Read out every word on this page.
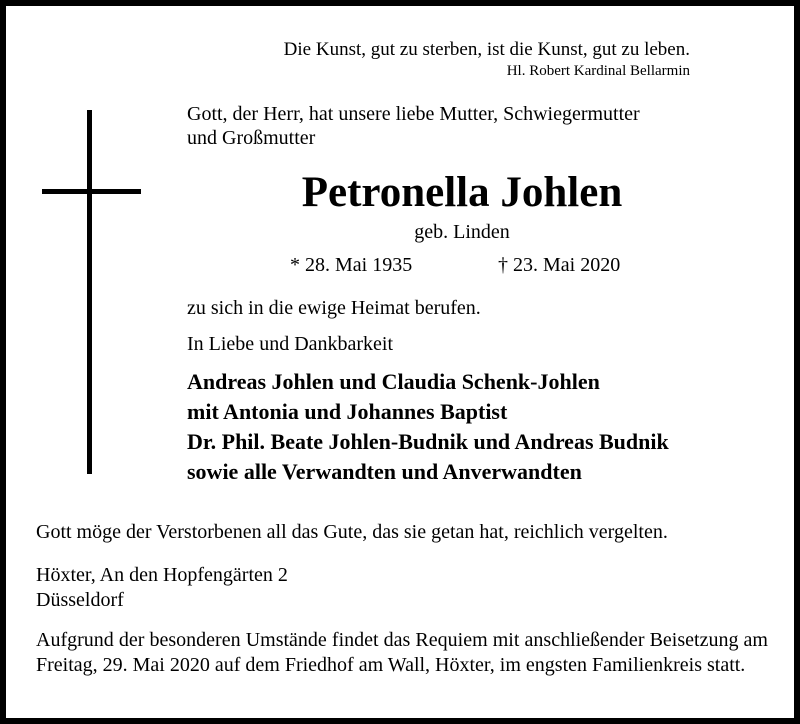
Die Kunst, gut zu sterben, ist die Kunst, gut zu leben.
Hl. Robert Kardinal Bellarmin
Gott, der Herr, hat unsere liebe Mutter, Schwiegermutter
und Großmutter
Petronella Johlen
geb. Linden
* 28. Mai 1935	† 23. Mai 2020
zu sich in die ewige Heimat berufen.
In Liebe und Dankbarkeit
Andreas Johlen und Claudia Schenk-Johlen
mit Antonia und Johannes Baptist
Dr. Phil. Beate Johlen-Budnik und Andreas Budnik
sowie alle Verwandten und Anverwandten
Gott möge der Verstorbenen all das Gute, das sie getan hat, reichlich vergelten.
Höxter, An den Hopfengärten 2
Düsseldorf
Aufgrund der besonderen Umstände findet das Requiem mit anschließender Beisetzung am Freitag, 29. Mai 2020 auf dem Friedhof am Wall, Höxter, im engsten Familienkreis statt.
